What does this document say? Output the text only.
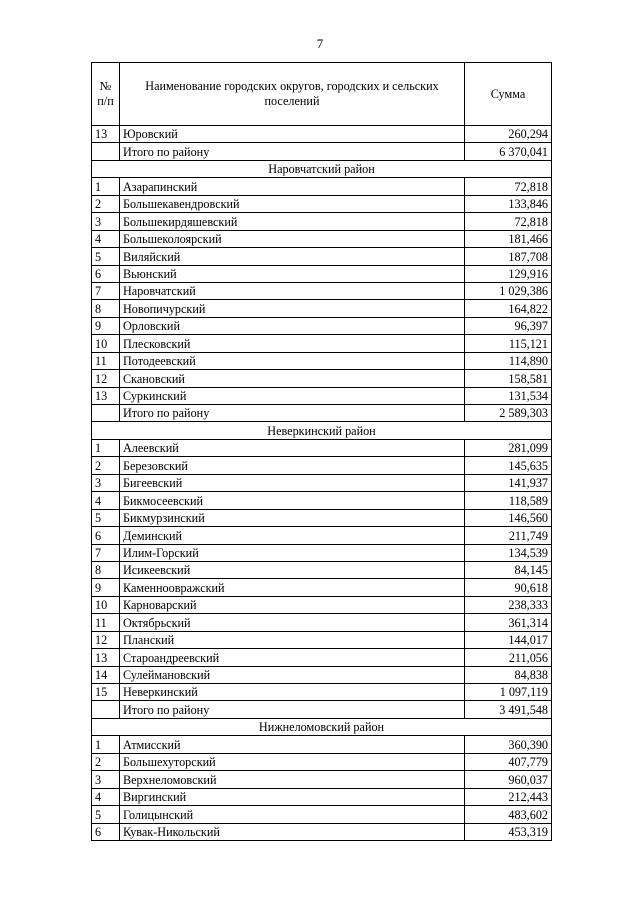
7
№ п/п	Наименование городских округов, городских и сельских поселений	Сумма
13	Юровский	260,294
	Итого по району	6 370,041
Наровчатский район		
1	Азарапинский	72,818
2	Большекавендровский	133,846
3	Большекирдяшевский	72,818
4	Большеколоярский	181,466
5	Виляйский	187,708
6	Вьюнский	129,916
7	Наровчатский	1 029,386
8	Новопичурский	164,822
9	Орловский	96,397
10	Плесковский	115,121
11	Потодеевский	114,890
12	Скановский	158,581
13	Суркинский	131,534
	Итого по району	2 589,303
Неверкинский район		
1	Алеевский	281,099
2	Березовский	145,635
3	Бигеевский	141,937
4	Бикмосеевский	118,589
5	Бикмурзинский	146,560
6	Деминский	211,749
7	Илим-Горский	134,539
8	Исикеевский	84,145
9	Каменноовражский	90,618
10	Карноварский	238,333
11	Октябрьский	361,314
12	Планский	144,017
13	Староандреевский	211,056
14	Сулеймановский	84,838
15	Неверкинский	1 097,119
	Итого по району	3 491,548
Нижнеломовский район		
1	Атмисский	360,390
2	Большехуторский	407,779
3	Верхнеломовский	960,037
4	Виргинский	212,443
5	Голицынский	483,602
6	Кувак-Никольский	453,319
